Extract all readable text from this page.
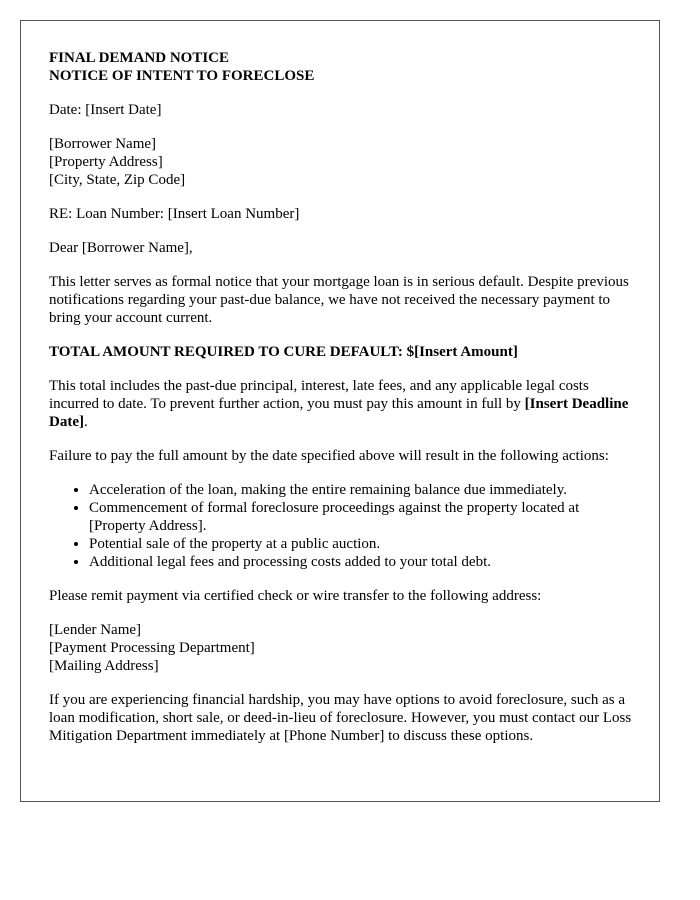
FINAL DEMAND NOTICE
NOTICE OF INTENT TO FORECLOSE

Date: [Insert Date]

[Borrower Name]
[Property Address]
[City, State, Zip Code]

RE: Loan Number: [Insert Loan Number]

Dear [Borrower Name],

This letter serves as formal notice that your mortgage loan is in serious default. Despite previous notifications regarding your past-due balance, we have not received the necessary payment to bring your account current.

TOTAL AMOUNT REQUIRED TO CURE DEFAULT: $[Insert Amount]

This total includes the past-due principal, interest, late fees, and any applicable legal costs incurred to date. To prevent further action, you must pay this amount in full by [Insert Deadline Date].

Failure to pay the full amount by the date specified above will result in the following actions:

• Acceleration of the loan, making the entire remaining balance due immediately.
• Commencement of formal foreclosure proceedings against the property located at [Property Address].
• Potential sale of the property at a public auction.
• Additional legal fees and processing costs added to your total debt.

Please remit payment via certified check or wire transfer to the following address:

[Lender Name]
[Payment Processing Department]
[Mailing Address]

If you are experiencing financial hardship, you may have options to avoid foreclosure, such as a loan modification, short sale, or deed-in-lieu of foreclosure. However, you must contact our Loss Mitigation Department immediately at [Phone Number] to discuss these options.
